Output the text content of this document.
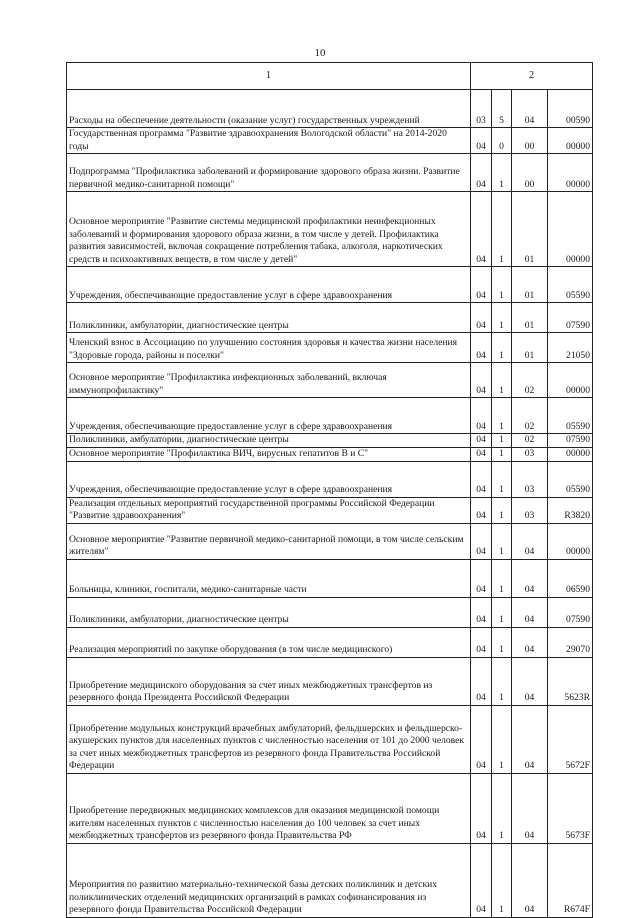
10
1	2			
Расходы на обеспечение деятельности (оказание услуг) государственных учреждений	03	5	04	00590
Государственная программа "Развитие здравоохранения Вологодской области" на 2014-2020 годы	04	0	00	00000
Подпрограмма "Профилактика заболеваний и формирование здорового образа жизни. Развитие первичной медико-санитарной помощи"	04	1	00	00000
Основное мероприятие "Развитие системы медицинской профилактики неинфекционных заболеваний и формирования здорового образа жизни, в том числе у детей. Профилактика развития зависимостей, включая сокращение потребления табака, алкоголя, наркотических средств и психоактивных веществ, в том числе у детей"	04	1	01	00000
Учреждения, обеспечивающие предоставление услуг в сфере здравоохранения	04	1	01	05590
Поликлиники, амбулатории, диагностические центры	04	1	01	07590
Членский взнос в Ассоциацию по улучшению состояния здоровья и качества жизни населения "Здоровые города, районы и поселки"	04	1	01	21050
Основное мероприятие "Профилактика инфекционных заболеваний, включая иммунопрофилактику"	04	1	02	00000
Учреждения, обеспечивающие предоставление услуг в сфере здравоохранения	04	1	02	05590
Поликлиники, амбулатории, диагностические центры	04	1	02	07590
Основное мероприятие "Профилактика ВИЧ, вирусных гепатитов В и С"	04	1	03	00000
Учреждения, обеспечивающие предоставление услуг в сфере здравоохранения	04	1	03	05590
Реализация отдельных мероприятий государственной программы Российской Федерации "Развитие здравоохранения"	04	1	03	R3820
Основное мероприятие "Развитие первичной медико-санитарной помощи, в том числе сельским жителям"	04	1	04	00000
Больницы, клиники, госпитали, медико-санитарные части	04	1	04	06590
Поликлиники, амбулатории, диагностические центры	04	1	04	07590
Реализация мероприятий по закупке оборудования (в том числе медицинского)	04	1	04	29070
Приобретение медицинского оборудования за счет иных межбюджетных трансфертов из резервного фонда Президента Российской Федерации	04	1	04	5623R
Приобретение модульных конструкций врачебных амбулаторий, фельдшерских и фельдшерско-акушерских пунктов для населенных пунктов с численностью населения от 101 до 2000 человек за счет иных межбюджетных трансфертов из резервного фонда Правительства Российской Федерации	04	1	04	5672F
Приобретение передвижных медицинских комплексов для оказания медицинской помощи жителям населенных пунктов с численностью населения до 100 человек за счет иных межбюджетных трансфертов из резервного фонда Правительства РФ	04	1	04	5673F
Мероприятия по развитию материально-технической базы детских поликлиник и детских поликлинических отделений медицинских организаций в рамках софинансирования из резервного фонда Правительства Российской Федерации	04	1	04	R674F
